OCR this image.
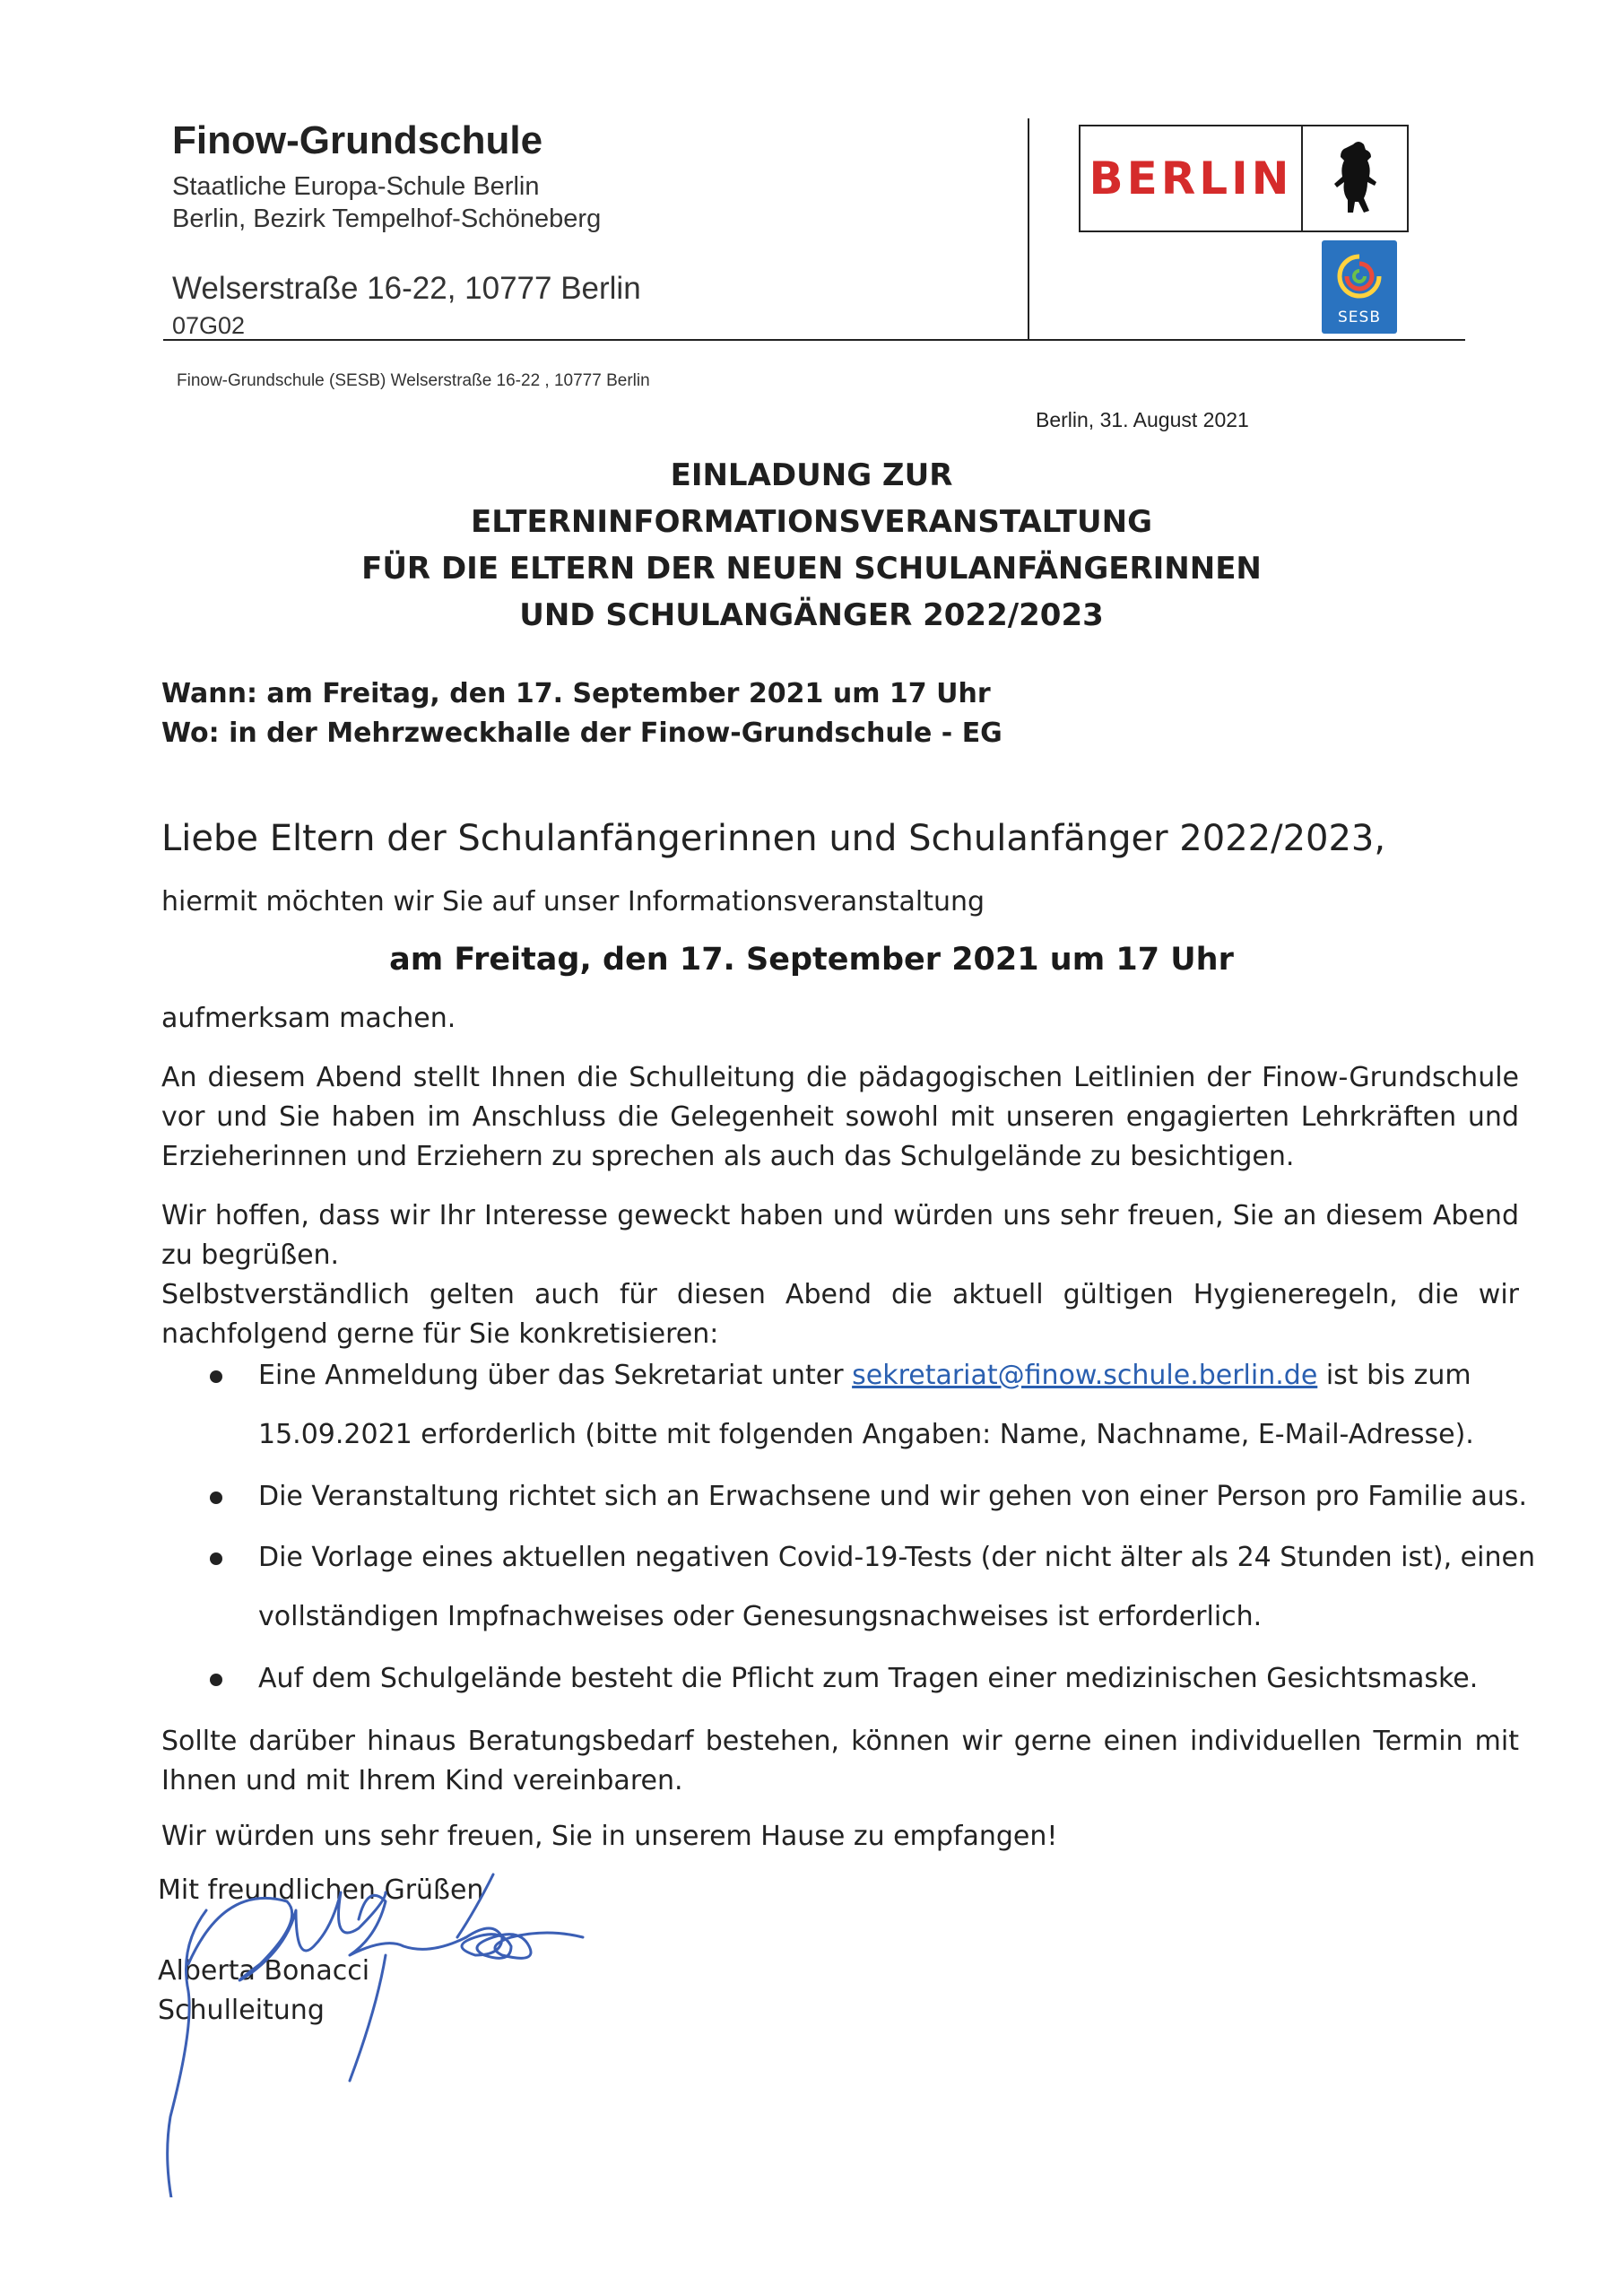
Finow-Grundschule
Staatliche Europa-Schule Berlin
Berlin, Bezirk Tempelhof-Schöneberg
Welserstraße 16-22, 10777 Berlin
07G02
BERLIN
SESB
Finow-Grundschule (SESB) Welserstraße 16-22 , 10777 Berlin
Berlin, 31. August 2021
EINLADUNG ZUR
ELTERNINFORMATIONSVERANSTALTUNG
FÜR DIE ELTERN DER NEUEN SCHULANFÄNGERINNEN
UND SCHULANGÄNGER 2022/2023
Wann: am Freitag, den 17. September 2021 um 17 Uhr
Wo: in der Mehrzweckhalle der Finow-Grundschule - EG
Liebe Eltern der Schulanfängerinnen und Schulanfänger 2022/2023,
hiermit möchten wir Sie auf unser Informationsveranstaltung
am Freitag, den 17. September 2021 um 17 Uhr
aufmerksam machen.
An diesem Abend stellt Ihnen die Schulleitung die pädagogischen Leitlinien der Finow-Grundschule vor und Sie haben im Anschluss die Gelegenheit sowohl mit unseren engagierten Lehrkräften und Erzieherinnen und Erziehern zu sprechen als auch das Schulgelände zu besichtigen.
Wir hoffen, dass wir Ihr Interesse geweckt haben und würden uns sehr freuen, Sie an diesem Abend zu begrüßen.
Selbstverständlich gelten auch für diesen Abend die aktuell gültigen Hygieneregeln, die wir nachfolgend gerne für Sie konkretisieren:
Eine Anmeldung über das Sekretariat unter sekretariat@finow.schule.berlin.de ist bis zum
15.09.2021 erforderlich (bitte mit folgenden Angaben: Name, Nachname, E-Mail-Adresse).
Die Veranstaltung richtet sich an Erwachsene und wir gehen von einer Person pro Familie aus.
Die Vorlage eines aktuellen negativen Covid-19-Tests (der nicht älter als 24 Stunden ist), einen
vollständigen Impfnachweises oder Genesungsnachweises ist erforderlich.
Auf dem Schulgelände besteht die Pflicht zum Tragen einer medizinischen Gesichtsmaske.
Sollte darüber hinaus Beratungsbedarf bestehen, können wir gerne einen individuellen Termin mit Ihnen und mit Ihrem Kind vereinbaren.
Wir würden uns sehr freuen, Sie in unserem Hause zu empfangen!
Mit freundlichen Grüßen
Alberta Bonacci
Schulleitung
